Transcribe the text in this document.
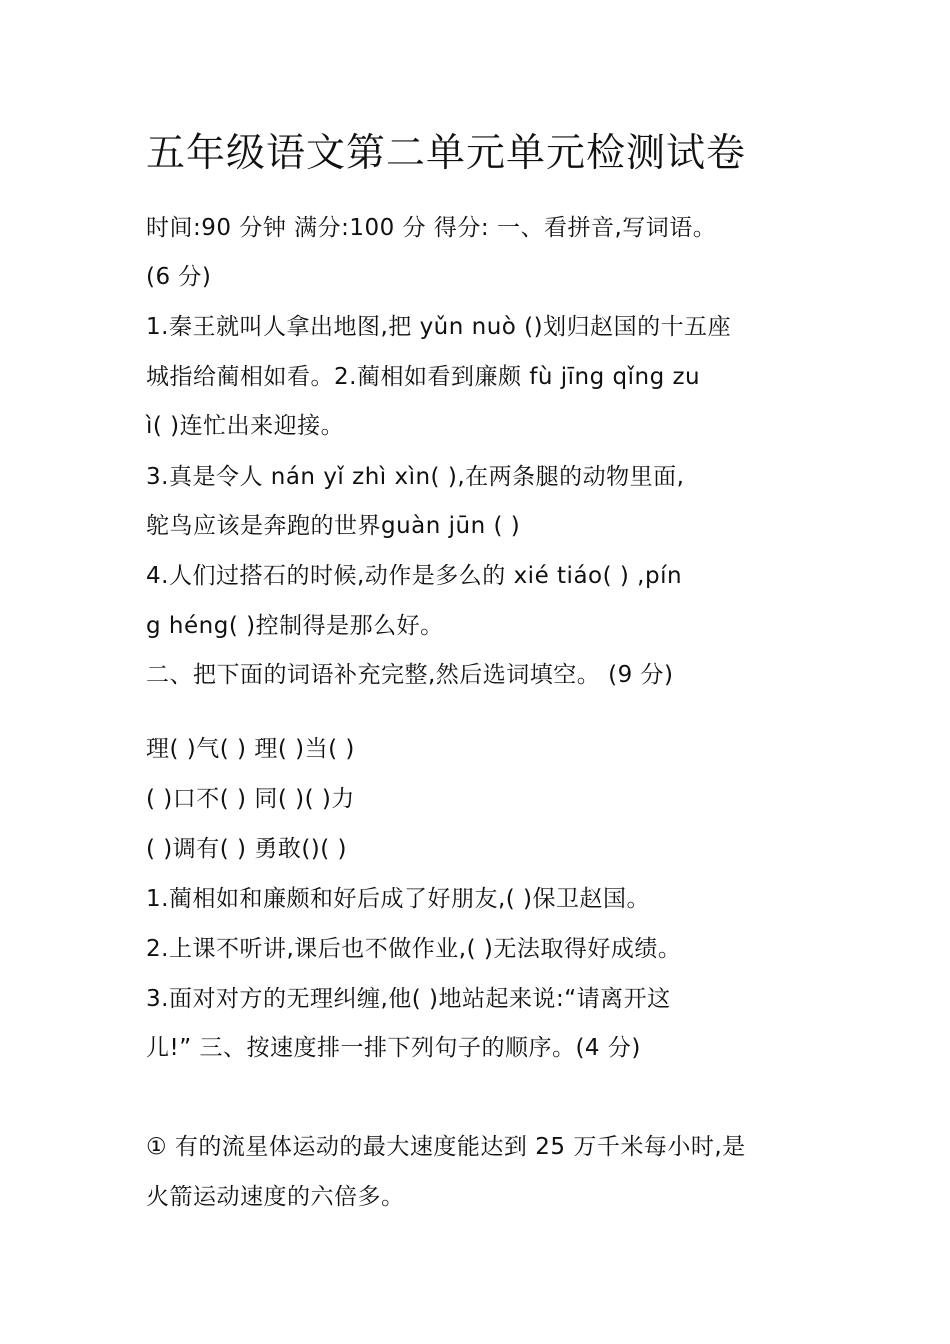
五年级语文第二单元单元检测试卷
时间:90 分钟 满分:100 分 得分: 一、看拼音,写词语。
(6 分)
1.秦王就叫人拿出地图,把 yǔn nuò ()划归赵国的十五座
城指给蔺相如看。2.蔺相如看到廉颇 fù jīng qǐng zu
ì( )连忙出来迎接。
3.真是令人 nán yǐ zhì xìn( ),在两条腿的动物里面,
鸵鸟应该是奔跑的世界guàn jūn ( )
4.人们过搭石的时候,动作是多么的 xié tiáo( ) ,pín
g héng( )控制得是那么好。
二、把下面的词语补充完整,然后选词填空。 (9 分)
理( )气( ) 理( )当( )
( )口不( ) 同( )( )力
( )调有( ) 勇敢()( )
1.蔺相如和廉颇和好后成了好朋友,( )保卫赵国。
2.上课不听讲,课后也不做作业,( )无法取得好成绩。
3.面对对方的无理纠缠,他( )地站起来说:“请离开这
儿!” 三、按速度排一排下列句子的顺序。(4 分)
① 有的流星体运动的最大速度能达到 25 万千米每小时,是
火箭运动速度的六倍多。
